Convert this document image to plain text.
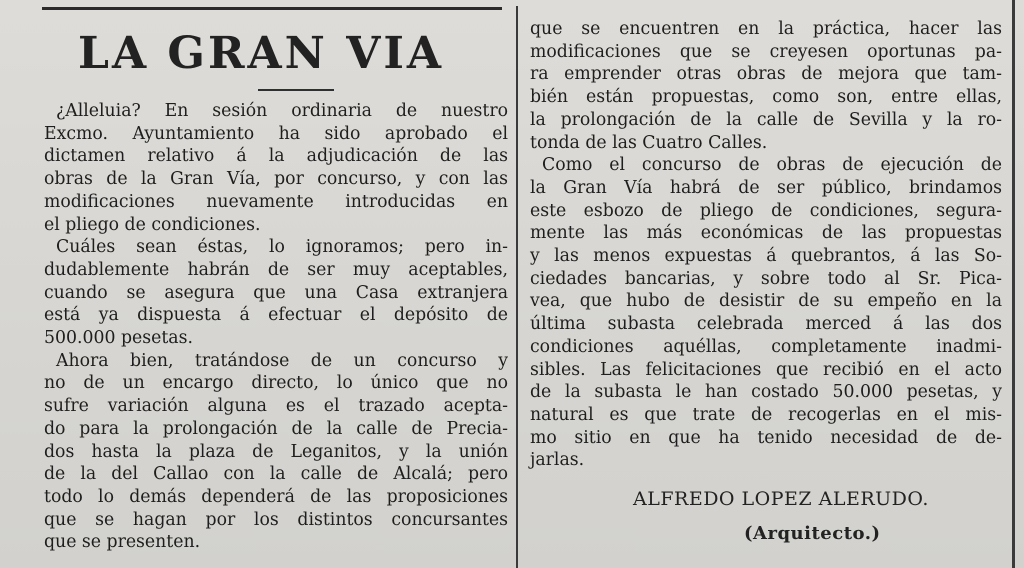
LA GRAN VIA
¿Alleluia? En sesión ordinaria de nuestro
Excmo. Ayuntamiento ha sido aprobado el
dictamen relativo á la adjudicación de las
obras de la Gran Vía, por concurso, y con las
modificaciones nuevamente introducidas en
el pliego de condiciones.
Cuáles sean éstas, lo ignoramos; pero in-
dudablemente habrán de ser muy aceptables,
cuando se asegura que una Casa extranjera
está ya dispuesta á efectuar el depósito de
500.000 pesetas.
Ahora bien, tratándose de un concurso y
no de un encargo directo, lo único que no
sufre variación alguna es el trazado acepta-
do para la prolongación de la calle de Precia-
dos hasta la plaza de Leganitos, y la unión
de la del Callao con la calle de Alcalá; pero
todo lo demás dependerá de las proposiciones
que se hagan por los distintos concursantes
que se presenten.
que se encuentren en la práctica, hacer las
modificaciones que se creyesen oportunas pa-
ra emprender otras obras de mejora que tam-
bién están propuestas, como son, entre ellas,
la prolongación de la calle de Sevilla y la ro-
tonda de las Cuatro Calles.
Como el concurso de obras de ejecución de
la Gran Vía habrá de ser público, brindamos
este esbozo de pliego de condiciones, segura-
mente las más económicas de las propuestas
y las menos expuestas á quebrantos, á las So-
ciedades bancarias, y sobre todo al Sr. Pica-
vea, que hubo de desistir de su empeño en la
última subasta celebrada merced á las dos
condiciones aquéllas, completamente inadmi-
sibles. Las felicitaciones que recibió en el acto
de la subasta le han costado 50.000 pesetas, y
natural es que trate de recogerlas en el mis-
mo sitio en que ha tenido necesidad de de-
jarlas.

ALFREDO LOPEZ ALERUDO.

(Arquitecto.)
